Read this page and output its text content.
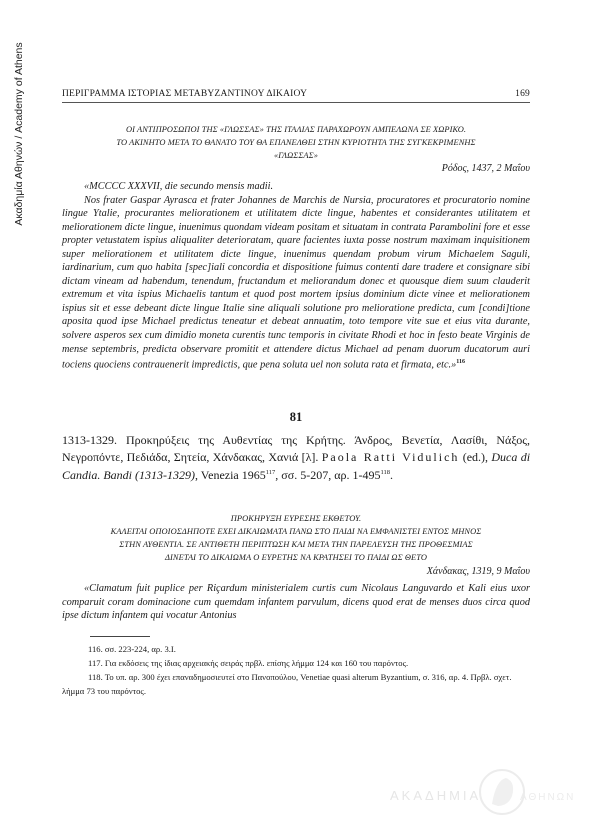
Ακαδημία Αθηνών / Academy of Athens	ΠΕΡΙΓΡΑΜΜΑ ΙΣΤΟΡΙΑΣ ΜΕΤΑΒΥΖΑΝΤΙΝΟΥ ΔΙΚΑΙΟΥ	169
ΟΙ ΑΝΤΙΠΡΟΣΩΠΟΙ ΤΗΣ «ΓΛΩΣΣΑΣ» ΤΗΣ ΙΤΑΛΙΑΣ ΠΑΡΑΧΩΡΟΥΝ ΑΜΠΕΛΩΝΑ ΣΕ ΧΩΡΙΚΟ.
ΤΟ ΑΚΙΝΗΤΟ ΜΕΤΑ ΤΟ ΘΑΝΑΤΟ ΤΟΥ ΘΑ ΕΠΑΝΕΛΘΕΙ ΣΤΗΝ ΚΥΡΙΟΤΗΤΑ ΤΗΣ ΣΥΓΚΕΚΡΙΜΕΝΗΣ
«ΓΛΩΣΣΑΣ»
Ρόδος, 1437, 2 Μαΐου

«MCCCC XXXVII, die secundo mensis madii.

Nos frater Gaspar Ayrasca et frater Johannes de Marchis de Nursia, procuratores et procuratorio nomine lingue Ytalie, procurantes meliorationem et utilitatem dicte lingue, habentes et considerantes utilitatem et meliorationem dicte lingue, inuenimus quondam videam positam et situatam in contrata Parambolini fore et esse propter vetustatem ispius aliqualiter deterioratam, quare facientes iuxta posse nostrum maximam inquisitionem super meliorationem et utilitatem dicte lingue, inuenimus quendam probum virum Michaelem Saguli, iardinarium, cum quo habita [spec]iali concordia et dispositione fuimus contenti dare tradere et consignare sibi dictam vineam ad habendum, tenendum, fructandum et meliorandum donec et quousque diem suum clauderit extremum et vita ispius Michaelis tantum et quod post mortem ipsius dominium dicte vinee et meliorationem ispius sit et esse debeant dicte lingue Italie sine aliquali solutione pro melioratione predicta, cum [condi]tione aposita quod ipse Michael predictus teneatur et debeat annuatim, toto tempore vite sue et eius vita durante, solvere asperos sex cum dimidio moneta curentis tunc temporis in civitate Rhodi et hoc in festo beate Virginis de mense septembris, predicta observare promitit et attendere dictus Michael ad penam duorum ducatorum auri tociens quociens contrauenerit impredictis, que pena soluta uel non soluta rata et firmata, etc.»$^{116}$

81
1313-1329. Προκηρύξεις της Αυθεντίας της Κρήτης. Άνδρος, Βενετία, Λασίθι, Νάξος, Νεγροπόντε, Πεδιάδα, Σητεία, Χάνδακας, Χανιά [λ]. Paola Ratti Vidulich (ed.), Duca di Candia. Bandi (1313-1329), Venezia 1965$^{117}$, σσ. 5-207, αρ. $1-495^{118}$.
ΠΡΟΚΗΡΥΞΗ ΕΥΡΕΣΗΣ ΕΚΘΕΤΟΥ.
ΚΑΛΕΙΤΑΙ ΟΠΟΙΟΣΔΗΠΟΤΕ ΕΧΕΙ ΔΙΚΑΙΩΜΑΤΑ ΠΑΝΩ ΣΤΟ ΠΑΙΔΙ ΝΑ ΕΜΦΑΝΙΣΤΕΙ ΕΝΤΟΣ ΜΗΝΟΣ
ΣΤΗΝ ΑΥΘΕΝΤΙΑ. ΣΕ ΑΝΤΙΘΕΤΗ ΠΕΡΙΠΤΩΣΗ ΚΑΙ ΜΕΤΑ ΤΗΝ ΠΑΡΕΛΕΥΣΗ ΤΗΣ ΠΡΟΘΕΣΜΙΑΣ
ΔΙΝΕΤΑΙ ΤΟ ΔΙΚΑΙΩΜΑ Ο ΕΥΡΕΤΗΣ ΝΑ ΚΡΑΤΗΣΕΙ ΤΟ ΠΑΙΔΙ ΩΣ ΘΕΤΟ
Χάνδακας, 1319, 9 Μαΐου

«Clamatum fuit puplice per Riçardum ministerialem curtis cum Nicolaus Languvardo et Kali eius uxor comparuit coram dominacione cum quemdam infantem parvulum, dicens quod erat de menses duos circa quod ipse dictum infantem qui vocatur Antonius

116. σσ. 223-224, αρ. 3.I.

117. Για εκδόσεις της ίδιας αρχειακής σειράς πρβλ. επίσης λήμμα 124 και 160 του παρόντος.

118. Το υπ. αρ. 300 έχει επαναδημοσιευτεί στο Πανοπούλου, Venetiae quasi alterum Byzantium, σ. 316, αρ. 4. Πρβλ. σχετ. λήμμα 73 του παρόντος.

ΑΚΑΔΗΜΙΑ	ΑΘΗΝΩΝ
